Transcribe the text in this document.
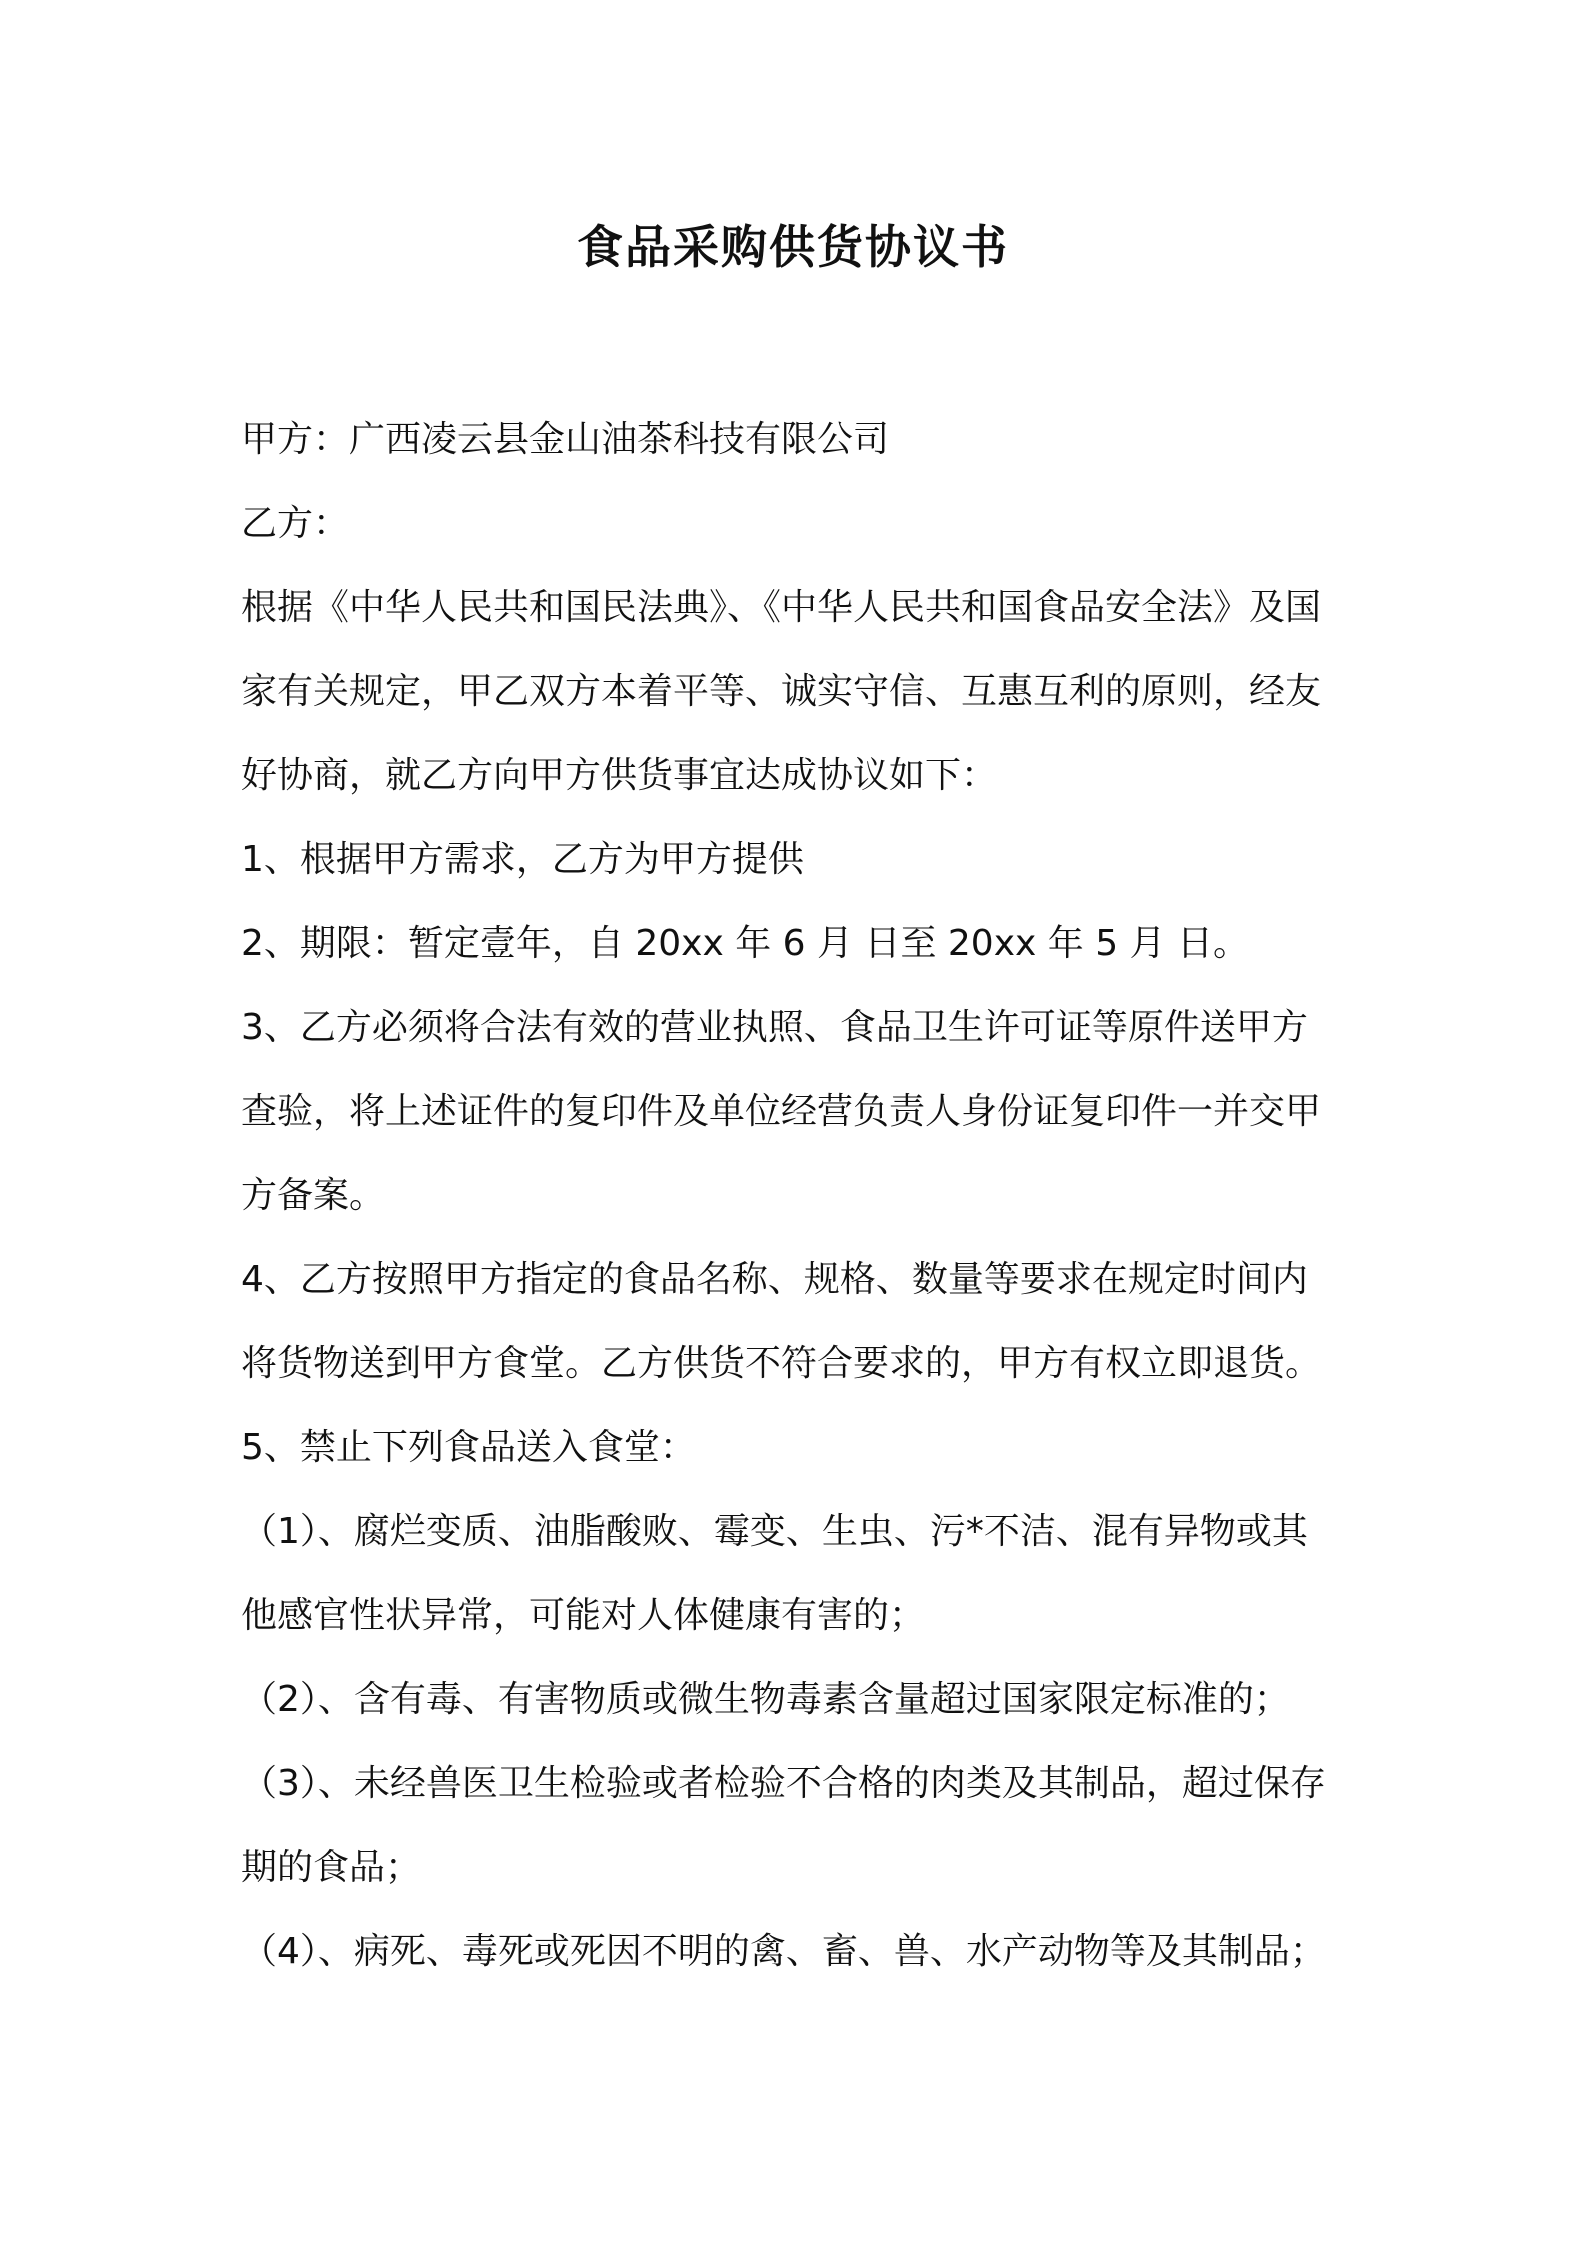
食品采购供货协议书

甲方：广西凌云县金山油茶科技有限公司

乙方：

根据《中华人民共和国民法典》、《中华人民共和国食品安全法》及国

家有关规定，甲乙双方本着平等、诚实守信、互惠互利的原则，经友

好协商，就乙方向甲方供货事宜达成协议如下：

1、根据甲方需求，乙方为甲方提供

2、期限：暂定壹年，自 20xx 年 6 月 日至 20xx 年 5 月 日。

3、乙方必须将合法有效的营业执照、食品卫生许可证等原件送甲方

查验，将上述证件的复印件及单位经营负责人身份证复印件一并交甲

方备案。

4、乙方按照甲方指定的食品名称、规格、数量等要求在规定时间内

将货物送到甲方食堂。乙方供货不符合要求的，甲方有权立即退货。

5、禁止下列食品送入食堂：

（1）、腐烂变质、油脂酸败、霉变、生虫、污*不洁、混有异物或其

他感官性状异常，可能对人体健康有害的；

（2）、含有毒、有害物质或微生物毒素含量超过国家限定标准的；

（3）、未经兽医卫生检验或者检验不合格的肉类及其制品，超过保存

期的食品；

（4）、病死、毒死或死因不明的禽、畜、兽、水产动物等及其制品；
